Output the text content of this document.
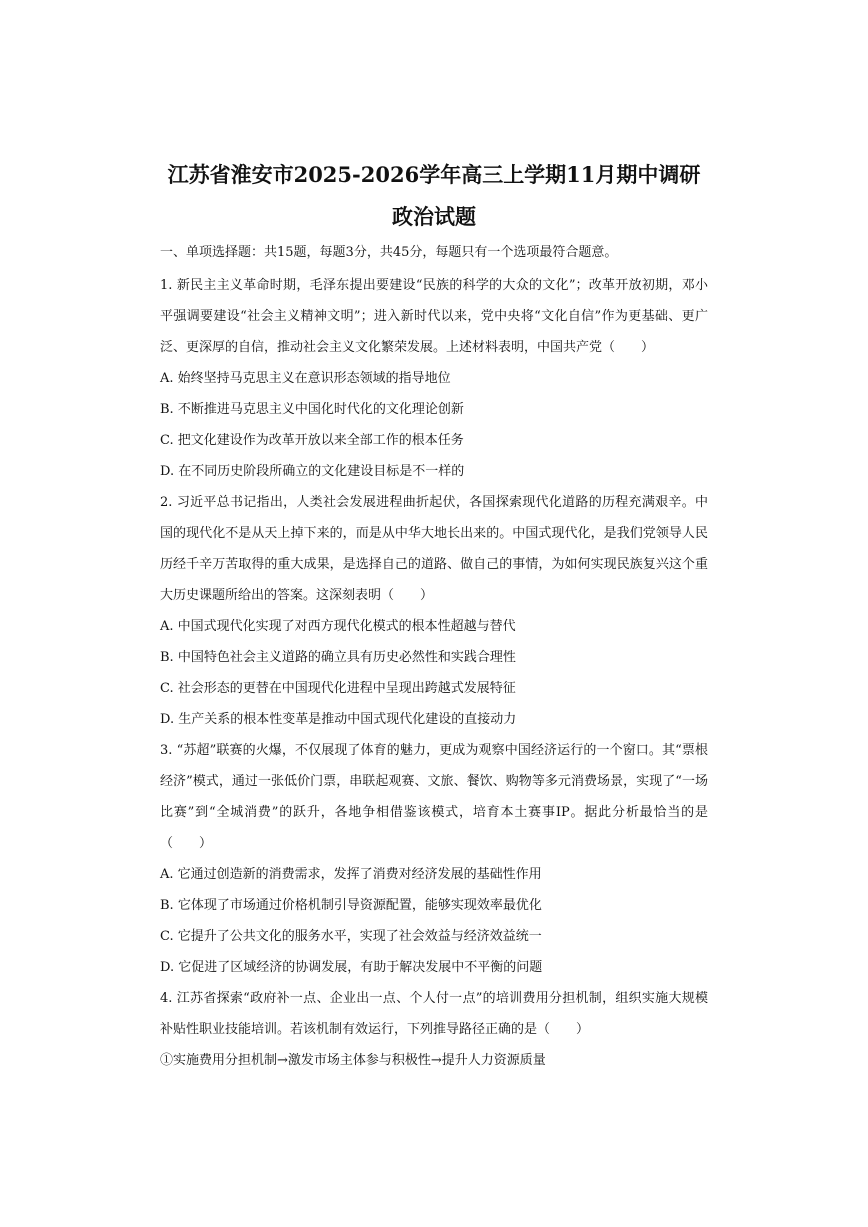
江苏省淮安市2025-2026学年高三上学期11月期中调研
政治试题

一、单项选择题：共15题，每题3分，共45分，每题只有一个选项最符合题意。

1. 新民主主义革命时期，毛泽东提出要建设“民族的科学的大众的文化”；改革开放初期，邓小平强调要建设“社会主义精神文明”；进入新时代以来，党中央将“文化自信”作为更基础、更广泛、更深厚的自信，推动社会主义文化繁荣发展。上述材料表明，中国共产党（　　）

A. 始终坚持马克思主义在意识形态领域的指导地位

B. 不断推进马克思主义中国化时代化的文化理论创新

C. 把文化建设作为改革开放以来全部工作的根本任务

D. 在不同历史阶段所确立的文化建设目标是不一样的

2. 习近平总书记指出，人类社会发展进程曲折起伏，各国探索现代化道路的历程充满艰辛。中国的现代化不是从天上掉下来的，而是从中华大地长出来的。中国式现代化，是我们党领导人民历经千辛万苦取得的重大成果，是选择自己的道路、做自己的事情，为如何实现民族复兴这个重大历史课题所给出的答案。这深刻表明（　　）

A. 中国式现代化实现了对西方现代化模式的根本性超越与替代

B. 中国特色社会主义道路的确立具有历史必然性和实践合理性

C. 社会形态的更替在中国现代化进程中呈现出跨越式发展特征

D. 生产关系的根本性变革是推动中国式现代化建设的直接动力

3. “苏超”联赛的火爆，不仅展现了体育的魅力，更成为观察中国经济运行的一个窗口。其“票根经济”模式，通过一张低价门票，串联起观赛、文旅、餐饮、购物等多元消费场景，实现了“一场比赛”到“全城消费”的跃升，各地争相借鉴该模式，培育本土赛事IP。据此分析最恰当的是（　　）

A. 它通过创造新的消费需求，发挥了消费对经济发展的基础性作用

B. 它体现了市场通过价格机制引导资源配置，能够实现效率最优化

C. 它提升了公共文化的服务水平，实现了社会效益与经济效益统一

D. 它促进了区域经济的协调发展，有助于解决发展中不平衡的问题

4. 江苏省探索“政府补一点、企业出一点、个人付一点”的培训费用分担机制，组织实施大规模补贴性职业技能培训。若该机制有效运行，下列推导路径正确的是（　　）

①实施费用分担机制→激发市场主体参与积极性→提升人力资源质量
